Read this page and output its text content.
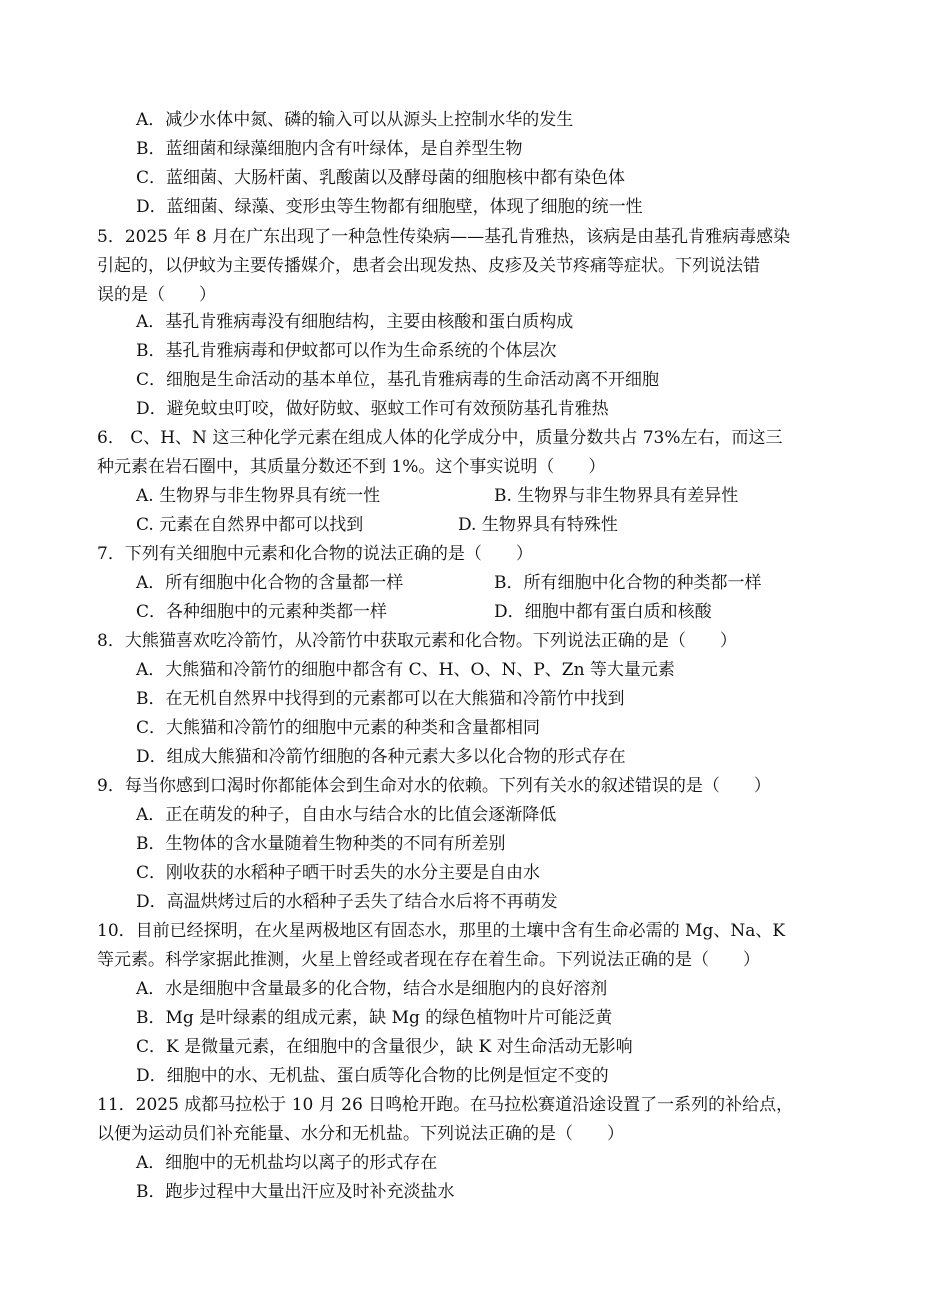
A．减少水体中氮、磷的输入可以从源头上控制水华的发生
B．蓝细菌和绿藻细胞内含有叶绿体，是自养型生物
C．蓝细菌、大肠杆菌、乳酸菌以及酵母菌的细胞核中都有染色体
D．蓝细菌、绿藻、变形虫等生物都有细胞壁，体现了细胞的统一性
5．2025 年 8 月在广东出现了一种急性传染病——基孔肯雅热，该病是由基孔肯雅病毒感染
引起的，以伊蚊为主要传播媒介，患者会出现发热、皮疹及关节疼痛等症状。下列说法错
误的是（　　）
A．基孔肯雅病毒没有细胞结构，主要由核酸和蛋白质构成
B．基孔肯雅病毒和伊蚊都可以作为生命系统的个体层次
C．细胞是生命活动的基本单位，基孔肯雅病毒的生命活动离不开细胞
D．避免蚊虫叮咬，做好防蚊、驱蚊工作可有效预防基孔肯雅热
6． C、H、N 这三种化学元素在组成人体的化学成分中，质量分数共占 73%左右，而这三
种元素在岩石圈中，其质量分数还不到 1%。这个事实说明（　　）
A. 生物界与非生物界具有统一性	B. 生物界与非生物界具有差异性
C. 元素在自然界中都可以找到	D. 生物界具有特殊性
7．下列有关细胞中元素和化合物的说法正确的是（　　）
A．所有细胞中化合物的含量都一样	B．所有细胞中化合物的种类都一样
C．各种细胞中的元素种类都一样	D．细胞中都有蛋白质和核酸
8．大熊猫喜欢吃冷箭竹，从冷箭竹中获取元素和化合物。下列说法正确的是（　　）
A．大熊猫和冷箭竹的细胞中都含有 C、H、O、N、P、Zn 等大量元素
B．在无机自然界中找得到的元素都可以在大熊猫和冷箭竹中找到
C．大熊猫和冷箭竹的细胞中元素的种类和含量都相同
D．组成大熊猫和冷箭竹细胞的各种元素大多以化合物的形式存在
9．每当你感到口渴时你都能体会到生命对水的依赖。下列有关水的叙述错误的是（　　）
A．正在萌发的种子，自由水与结合水的比值会逐渐降低
B．生物体的含水量随着生物种类的不同有所差别
C．刚收获的水稻种子晒干时丢失的水分主要是自由水
D．高温烘烤过后的水稻种子丢失了结合水后将不再萌发
10．目前已经探明，在火星两极地区有固态水，那里的土壤中含有生命必需的 Mg、Na、K
等元素。科学家据此推测，火星上曾经或者现在存在着生命。下列说法正确的是（　　）
A．水是细胞中含量最多的化合物，结合水是细胞内的良好溶剂
B．Mg 是叶绿素的组成元素，缺 Mg 的绿色植物叶片可能泛黄
C．K 是微量元素，在细胞中的含量很少，缺 K 对生命活动无影响
D．细胞中的水、无机盐、蛋白质等化合物的比例是恒定不变的
11．2025 成都马拉松于 10 月 26 日鸣枪开跑。在马拉松赛道沿途设置了一系列的补给点，
以便为运动员们补充能量、水分和无机盐。下列说法正确的是（　　）
A．细胞中的无机盐均以离子的形式存在
B．跑步过程中大量出汗应及时补充淡盐水
